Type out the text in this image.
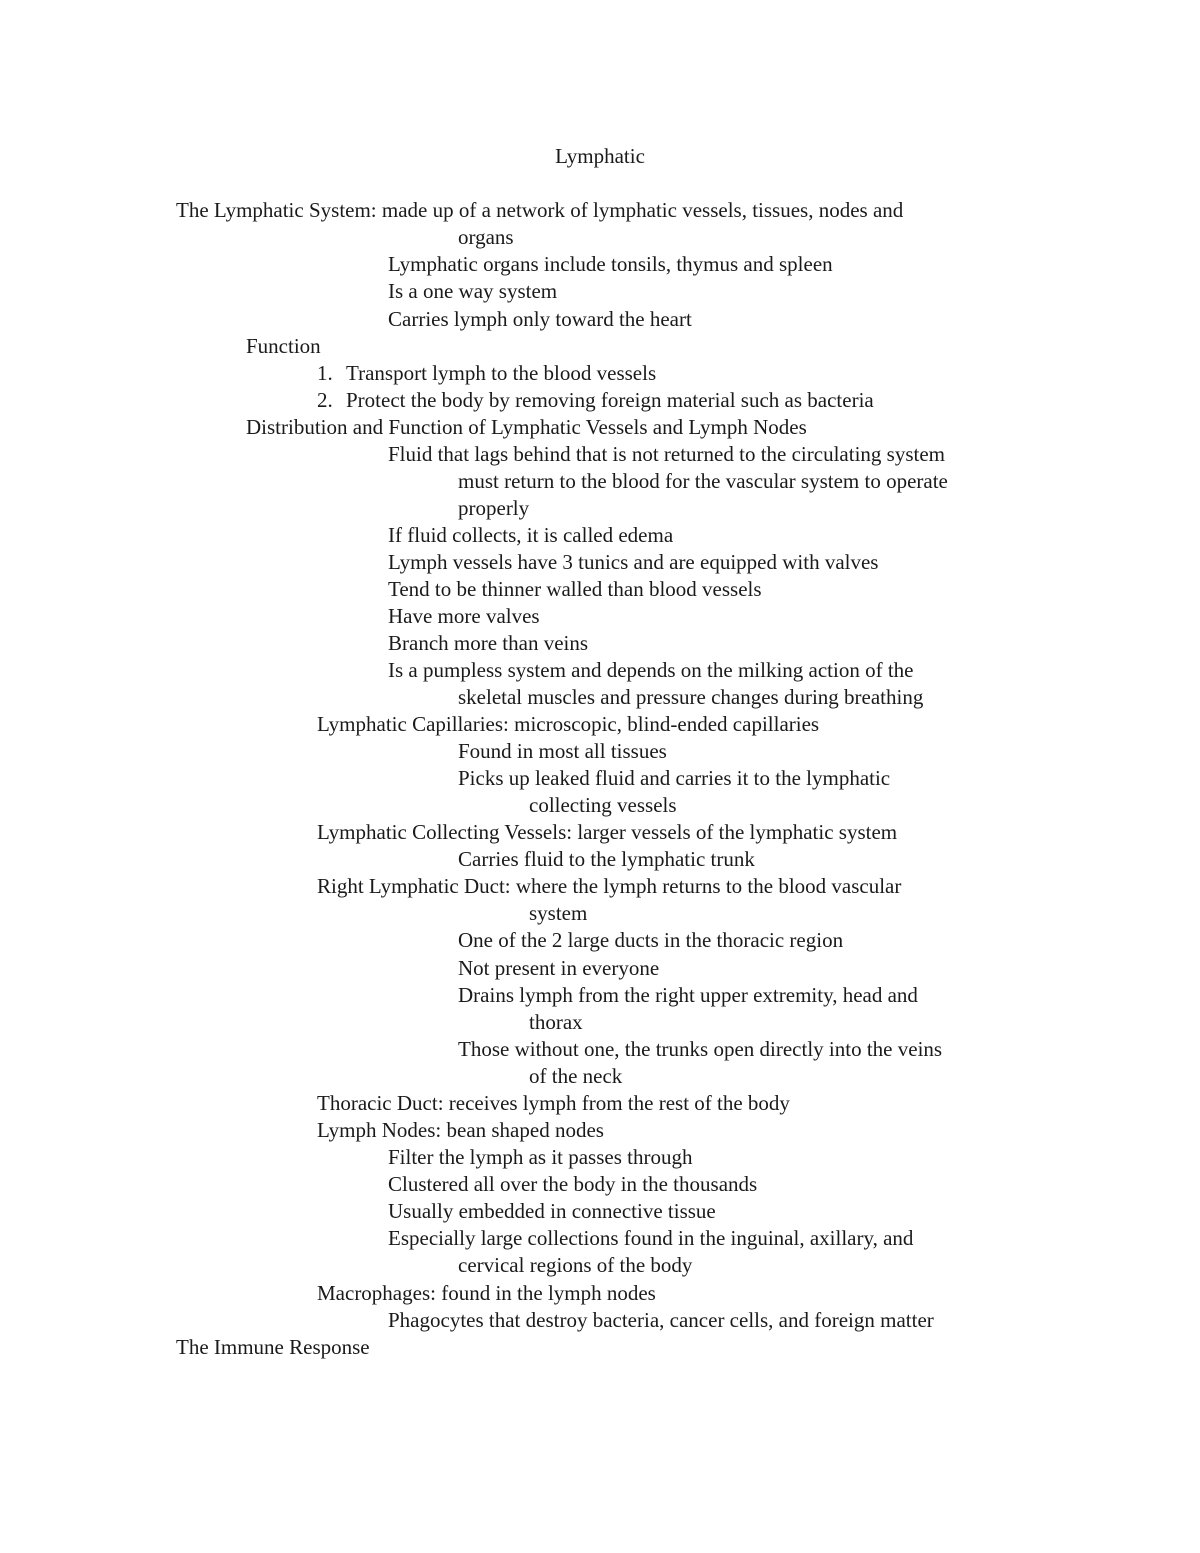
Lymphatic
The Lymphatic System: made up of a network of lymphatic vessels, tissues, nodes and
organs
Lymphatic organs include tonsils, thymus and spleen
Is a one way system
Carries lymph only toward the heart
Function
1. Transport lymph to the blood vessels
2. Protect the body by removing foreign material such as bacteria
Distribution and Function of Lymphatic Vessels and Lymph Nodes
Fluid that lags behind that is not returned to the circulating system
must return to the blood for the vascular system to operate
properly
If fluid collects, it is called edema
Lymph vessels have 3 tunics and are equipped with valves
Tend to be thinner walled than blood vessels
Have more valves
Branch more than veins
Is a pumpless system and depends on the milking action of the
skeletal muscles and pressure changes during breathing
Lymphatic Capillaries: microscopic, blind-ended capillaries
Found in most all tissues
Picks up leaked fluid and carries it to the lymphatic
collecting vessels
Lymphatic Collecting Vessels: larger vessels of the lymphatic system
Carries fluid to the lymphatic trunk
Right Lymphatic Duct: where the lymph returns to the blood vascular
system
One of the 2 large ducts in the thoracic region
Not present in everyone
Drains lymph from the right upper extremity, head and
thorax
Those without one, the trunks open directly into the veins
of the neck
Thoracic Duct: receives lymph from the rest of the body
Lymph Nodes: bean shaped nodes
Filter the lymph as it passes through
Clustered all over the body in the thousands
Usually embedded in connective tissue
Especially large collections found in the inguinal, axillary, and
cervical regions of the body
Macrophages: found in the lymph nodes
Phagocytes that destroy bacteria, cancer cells, and foreign matter
The Immune Response
